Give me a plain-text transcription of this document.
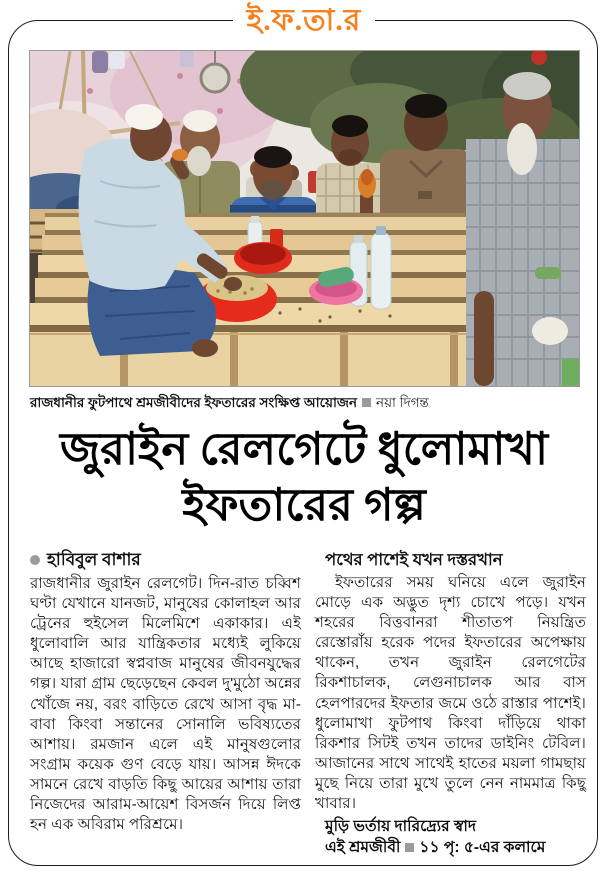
ই.ফ.তা.র
রাজধানীর ফুটপাথে শ্রমজীবীদের ইফতারের সংক্ষিপ্ত আয়োজন নয়া দিগন্ত
জুরাইন রেলগেটে ধুলোমাখা ইফতারের গল্প
হাবিবুল বাশার

রাজধানীর জুরাইন রেলগেট। দিন-রাত চব্বিশ ঘণ্টা যেখানে যানজট, মানুষের কোলাহল আর ট্রেনের হুইসেল মিলেমিশে একাকার। এই ধুলোবালি আর যান্ত্রিকতার মধ্যেই লুকিয়ে আছে হাজারো স্বপ্নবাজ মানুষের জীবনযুদ্ধের গল্প। যারা গ্রাম ছেড়েছেন কেবল দু'মুঠো অন্নের খোঁজে নয়, বরং বাড়িতে রেখে আসা বৃদ্ধ মা-বাবা কিংবা সন্তানের সোনালি ভবিষ্যতের আশায়। রমজান এলে এই মানুষগুলোর সংগ্রাম কয়েক গুণ বেড়ে যায়। আসন্ন ঈদকে সামনে রেখে বাড়তি কিছু আয়ের আশায় তারা নিজেদের আরাম-আয়েশ বিসর্জন দিয়ে লিপ্ত হন এক অবিরাম পরিশ্রমে।

পথের পাশেই যখন দস্তরখান

ইফতারের সময় ঘনিয়ে এলে জুরাইন মোড়ে এক অদ্ভুত দৃশ্য চোখে পড়ে। যখন শহরের বিত্তবানরা শীতাতপ নিয়ন্ত্রিত রেস্তোরাঁয় হরেক পদের ইফতারের অপেক্ষায় থাকেন, তখন জুরাইন রেলগেটের রিকশাচালক, লেগুনাচালক আর বাস হেলপারদের ইফতার জমে ওঠে রাস্তার পাশেই। ধুলোমাখা ফুটপাথ কিংবা দাঁড়িয়ে থাকা রিকশার সিটই তখন তাদের ডাইনিং টেবিল। আজানের সাথে সাথেই হাতের ময়লা গামছায় মুছে নিয়ে তারা মুখে তুলে নেন নামমাত্র কিছু খাবার।

মুড়ি ভর্তায় দারিদ্র্যের স্বাদ
এই শ্রমজীবী ১১ পৃ: ৫-এর কলামে
